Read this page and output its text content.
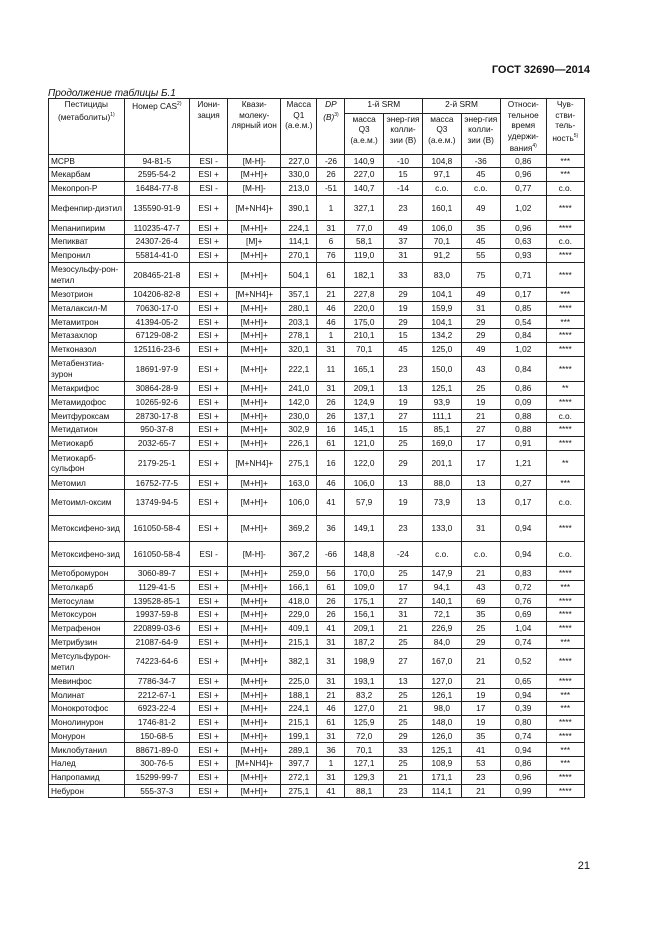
ГОСТ 32690—2014
Продолжение таблицы Б.1
Пестициды (метаболиты)$^{1)}$	Номер CAS$^{2)}$	Иони-зация	Квази-молеку-лярный ион	Масса Q1 (а.е.м.)	DP $(В)^{3)}$	1-й SRM		2-й SRM		Относи-тельное время удержи-вания$^{4)}$	Чув-стви-тель-ность$^{5)}$
						масса Q3 (а.е.м.)	энер-гия колли-зии (В)	масса Q3 (а.е.м.)	энер-гия колли-зии (В)		
МСРВ	94-81-5	ESI -	[M-H]-	227,0	-26	140,9	-10	104,8	-36	0,86	***
Мекарбам	2595-54-2	ESI +	[M+H]+	330,0	26	227,0	15	97,1	45	0,96	***
Мекопроп-Р	16484-77-8	ESI -	[M-H]-	213,0	-51	140,7	-14	c.o.	c.o.	0,77	c.o.
Мефенпир-диэтил	135590-91-9	ESI +	[M+NH4]+	390,1	1	327,1	23	160,1	49	1,02	****
Мепанипирим	110235-47-7	ESI +	[M+H]+	224,1	31	77,0	49	106,0	35	0,96	****
Мепикват	24307-26-4	ESI +	[M]+	114,1	6	58,1	37	70,1	45	0,63	c.o.
Мепронил	55814-41-0	ESI +	[M+H]+	270,1	76	119,0	31	91,2	55	0,93	****
Мезосульфу-рон-метил	208465-21-8	ESI +	[M+H]+	504,1	61	182,1	33	83,0	75	0,71	****
Мезотрион	104206-82-8	ESI +	[M+NH4]+	357,1	21	227,8	29	104,1	49	0,17	***
Металаксил-М	70630-17-0	ESI +	[M+H]+	280,1	46	220,0	19	159,9	31	0,85	****
Метамитрон	41394-05-2	ESI +	[M+H]+	203,1	46	175,0	29	104,1	29	0,54	***
Метазахлор	67129-08-2	ESI +	[M+H]+	278,1	1	210,1	15	134,2	29	0,84	****
Метконазол	125116-23-6	ESI +	[M+H]+	320,1	31	70,1	45	125,0	49	1,02	****
Метабензтиа-зурон	18691-97-9	ESI +	[M+H]+	222,1	11	165,1	23	150,0	43	0,84	****
Метакрифос	30864-28-9	ESI +	[M+H]+	241,0	31	209,1	13	125,1	25	0,86	**
Метамидофос	10265-92-6	ESI +	[M+H]+	142,0	26	124,9	19	93,9	19	0,09	****
Меитфуроксам	28730-17-8	ESI +	[M+H]+	230,0	26	137,1	27	111,1	21	0,88	c.o.
Метидатион	950-37-8	ESI +	[M+H]+	302,9	16	145,1	15	85,1	27	0,88	****
Метиокарб	2032-65-7	ESI +	[M+H]+	226,1	61	121,0	25	169,0	17	0,91	****
Метиокарб-сульфон	2179-25-1	ESI +	[M+NH4]+	275,1	16	122,0	29	201,1	17	1,21	**
Метомил	16752-77-5	ESI +	[M+H]+	163,0	46	106,0	13	88,0	13	0,27	***
Метоимл-оксим	13749-94-5	ESI +	[M+H]+	106,0	41	57,9	19	73,9	13	0,17	c.o.
Метоксифено-зид	161050-58-4	ESI +	[M+H]+	369,2	36	149,1	23	133,0	31	0,94	****
Метоксифено-зид	161050-58-4	ESI -	[M-H]-	367,2	-66	148,8	-24	c.o.	c.o.	0,94	c.o.
Метобромурон	3060-89-7	ESI +	[M+H]+	259,0	56	170,0	25	147,9	21	0,83	****
Метолкарб	1129-41-5	ESI +	[M+H]+	166,1	61	109,0	17	94,1	43	0,72	***
Метосулам	139528-85-1	ESI +	[M+H]+	418,0	26	175,1	27	140,1	69	0,76	****
Метоксурон	19937-59-8	ESI +	[M+H]+	229,0	26	156,1	31	72,1	35	0,69	****
Метрафенон	220899-03-6	ESI +	[M+H]+	409,1	41	209,1	21	226,9	25	1,04	****
Метрибузин	21087-64-9	ESI +	[M+H]+	215,1	31	187,2	25	84,0	29	0,74	***
Метсульфурон-метил	74223-64-6	ESI +	[M+H]+	382,1	31	198,9	27	167,0	21	0,52	****
Мевинфос	7786-34-7	ESI +	[M+H]+	225,0	31	193,1	13	127,0	21	0,65	****
Молинат	2212-67-1	ESI +	[M+H]+	188,1	21	83,2	25	126,1	19	0,94	***
Монокротофос	6923-22-4	ESI +	[M+H]+	224,1	46	127,0	21	98,0	17	0,39	***
Монолинурон	1746-81-2	ESI +	[M+H]+	215,1	61	125,9	25	148,0	19	0,80	****
Монурон	150-68-5	ESI +	[M+H]+	199,1	31	72,0	29	126,0	35	0,74	****
Миклобутанил	88671-89-0	ESI +	[M+H]+	289,1	36	70,1	33	125,1	41	0,94	***
Налед	300-76-5	ESI +	[M+NH4]+	397,7	1	127,1	25	108,9	53	0,86	***
Напропамид	15299-99-7	ESI +	[M+H]+	272,1	31	129,3	21	171,1	23	0,96	****
Небурон	555-37-3	ESI +	[M+H]+	275,1	41	88,1	23	114,1	21	0,99	****
21
